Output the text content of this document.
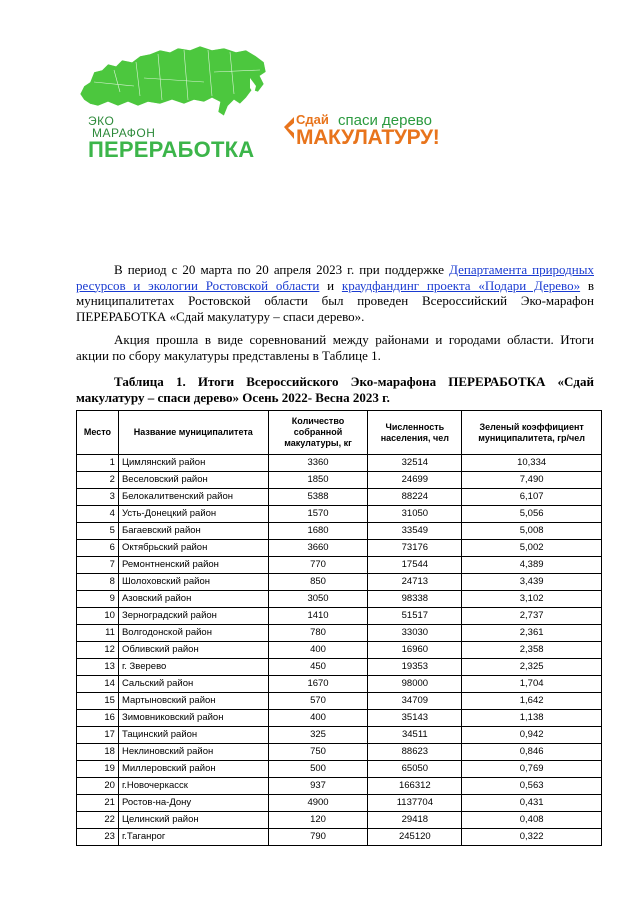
ЭКО
МАРАФОН
ПЕРЕРАБОТКА
Сдай спаси дерево
МАКУЛАТУРУ!
В период с 20 марта по 20 апреля 2023 г. при поддержке Департамента природных ресурсов и экологии Ростовской области и краудфандинг проекта «Подари Дерево» в муниципалитетах Ростовской области был проведен Всероссийский Эко-марафон ПЕРЕРАБОТКА «Сдай макулатуру – спаси дерево».
Акция прошла в виде соревнований между районами и городами области. Итоги акции по сбору макулатуры представлены в Таблице 1.
Таблица 1. Итоги Всероссийского Эко-марафона ПЕРЕРАБОТКА «Сдай макулатуру – спаси дерево» Осень 2022- Весна 2023 г.
Место	Название муниципалитета	Количество собранной макулатуры, кг	Численность населения, чел	Зеленый коэффициент муниципалитета, гр/чел
1	Цимлянский район	3360	32514	10,334
2	Веселовский район	1850	24699	7,490
3	Белокалитвенский район	5388	88224	6,107
4	Усть-Донецкий район	1570	31050	5,056
5	Багаевский район	1680	33549	5,008
6	Октябрьский район	3660	73176	5,002
7	Ремонтненский район	770	17544	4,389
8	Шолоховский район	850	24713	3,439
9	Азовский район	3050	98338	3,102
10	Зерноградский район	1410	51517	2,737
11	Волгодонской район	780	33030	2,361
12	Обливский район	400	16960	2,358
13	г. Зверево	450	19353	2,325
14	Сальский район	1670	98000	1,704
15	Мартыновский район	570	34709	1,642
16	Зимовниковский район	400	35143	1,138
17	Тацинский район	325	34511	0,942
18	Неклиновский район	750	88623	0,846
19	Миллеровский район	500	65050	0,769
20	г.Новочеркасск	937	166312	0,563
21	Ростов-на-Дону	4900	1137704	0,431
22	Целинский район	120	29418	0,408
23	г.Таганрог	790	245120	0,322
